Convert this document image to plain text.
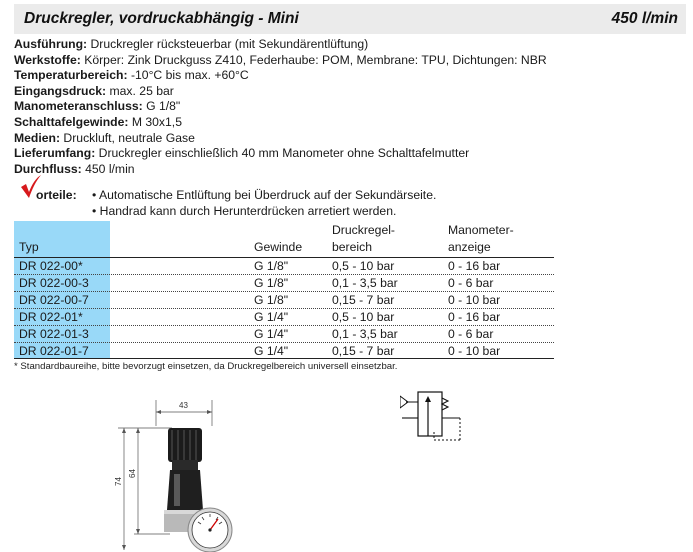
Druckregler, vordruckabhängig - Mini	450 l/min
Ausführung: Druckregler rücksteuerbar (mit Sekundärentlüftung)
Werkstoffe: Körper: Zink Druckguss Z410, Federhaube: POM, Membrane: TPU, Dichtungen: NBR
Temperaturbereich: -10°C bis max. +60°C
Eingangsdruck: max. 25 bar
Manometeranschluss: G 1/8"
Schalttafelgewinde: M 30x1,5
Medien: Druckluft, neutrale Gase
Lieferumfang: Druckregler einschließlich 40 mm Manometer ohne Schalttafelmutter
Durchfluss: 450 l/min
orteile: • Automatische Entlüftung bei Überdruck auf der Sekundärseite.
• Handrad kann durch Herunterdrücken arretiert werden.
Typ	Gewinde
Druckregel-
bereich
Manometer-
anzeige
DR 022-00*	G 1/8"	0,5 - 10 bar	0 - 16 bar
DR 022-00-3	G 1/8"	0,1 - 3,5 bar	0 - 6 bar
DR 022-00-7	G 1/8"	0,15 - 7 bar	0 - 10 bar
DR 022-01*	G 1/4"	0,5 - 10 bar	0 - 16 bar
DR 022-01-3	G 1/4"	0,1 - 3,5 bar	0 - 6 bar
DR 022-01-7	G 1/4"	0,15 - 7 bar	0 - 10 bar
* Standardbaureihe, bitte bevorzugt einsetzen, da Druckregelbereich universell einsetzbar.
43
74
64
